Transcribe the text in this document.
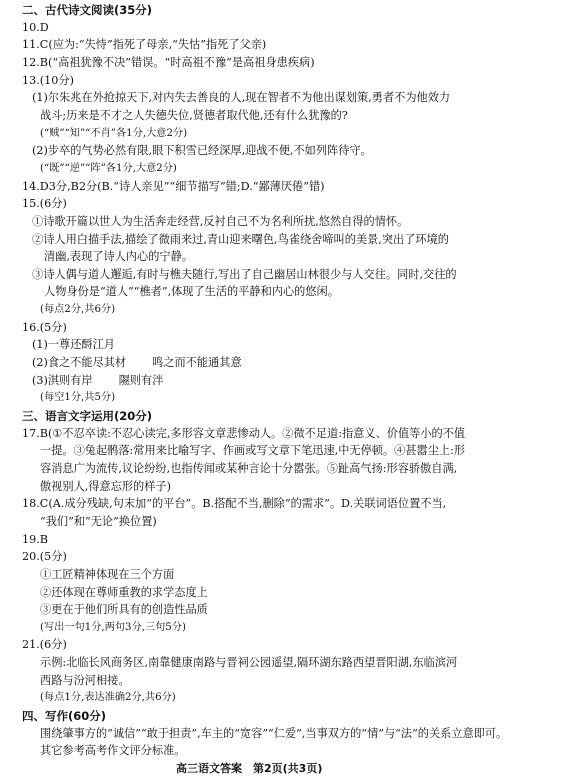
二、古代诗文阅读(35分)
10.D
11.C(应为:“失恃”指死了母亲,“失怙”指死了父亲)
12.B(“高祖犹豫不决”错误。“时高祖不豫”是高祖身患疾病)
13.(10分)
(1)尔朱兆在外抢掠天下,对内失去善良的人,现在智者不为他出谋划策,勇者不为他效力
战斗;历来是不才之人失德失位,贤德者取代他,还有什么犹豫的?
(“贼”“知”“不肖”各1分,大意2分)
(2)步卒的气势必然有限,眼下积雪已经深厚,迎战不便,不如列阵待守。
(“既”“逆”“阵”各1分,大意2分)
14.D3分,B2分(B.“诗人亲见”“细节描写”错;D.“鄙薄厌倦”错)
15.(6分)
①诗歌开篇以世人为生活奔走经营,反衬自己不为名利所扰,悠然自得的情怀。
②诗人用白描手法,描绘了微雨来过,青山迎来曙色,鸟雀绕舍啼叫的美景,突出了环境的
清幽,表现了诗人内心的宁静。
③诗人偶与道人邂逅,有时与樵夫随行,写出了自己幽居山林很少与人交往。同时,交往的
人物身份是“道人”“樵者”,体现了生活的平静和内心的悠闲。
(每点2分,共6分)
16.(5分)
(1)一尊还酹江月
(2)食之不能尽其材 鸣之而不能通其意
(3)淇则有岸 隰则有泮
(每空1分,共5分)
三、语言文字运用(20分)
17.B(①不忍卒读:不忍心读完,多形容文章悲惨动人。②微不足道:指意义、价值等小的不值
一提。③兔起鹘落:常用来比喻写字、作画或写文章下笔迅速,中无停顿。④甚嚣尘上:形
容消息广为流传,议论纷纷,也指传闻或某种言论十分嚣张。⑤趾高气扬:形容骄傲自满,
傲视别人,得意忘形的样子)
18.C(A.成分残缺,句末加“的平台”。B.搭配不当,删除“的需求”。D.关联词语位置不当,
“我们”和“无论”换位置)
19.B
20.(5分)
①工匠精神体现在三个方面
②还体现在尊师重教的求学态度上
③更在于他们所具有的创造性品质
(写出一句1分,两句3分,三句5分)
21.(6分)
示例:北临长风商务区,南靠健康南路与晋祠公园遥望,隔环湖东路西望晋阳湖,东临滨河
西路与汾河相接。
(每点1分,表达准确2分,共6分)
四、写作(60分)
围绕肇事方的“诚信”“敢于担责”,车主的“宽容”“仁爱”,当事双方的“情”与“法”的关系立意即可。
其它参考高考作文评分标准。
高三语文答案　第2页(共3页)
